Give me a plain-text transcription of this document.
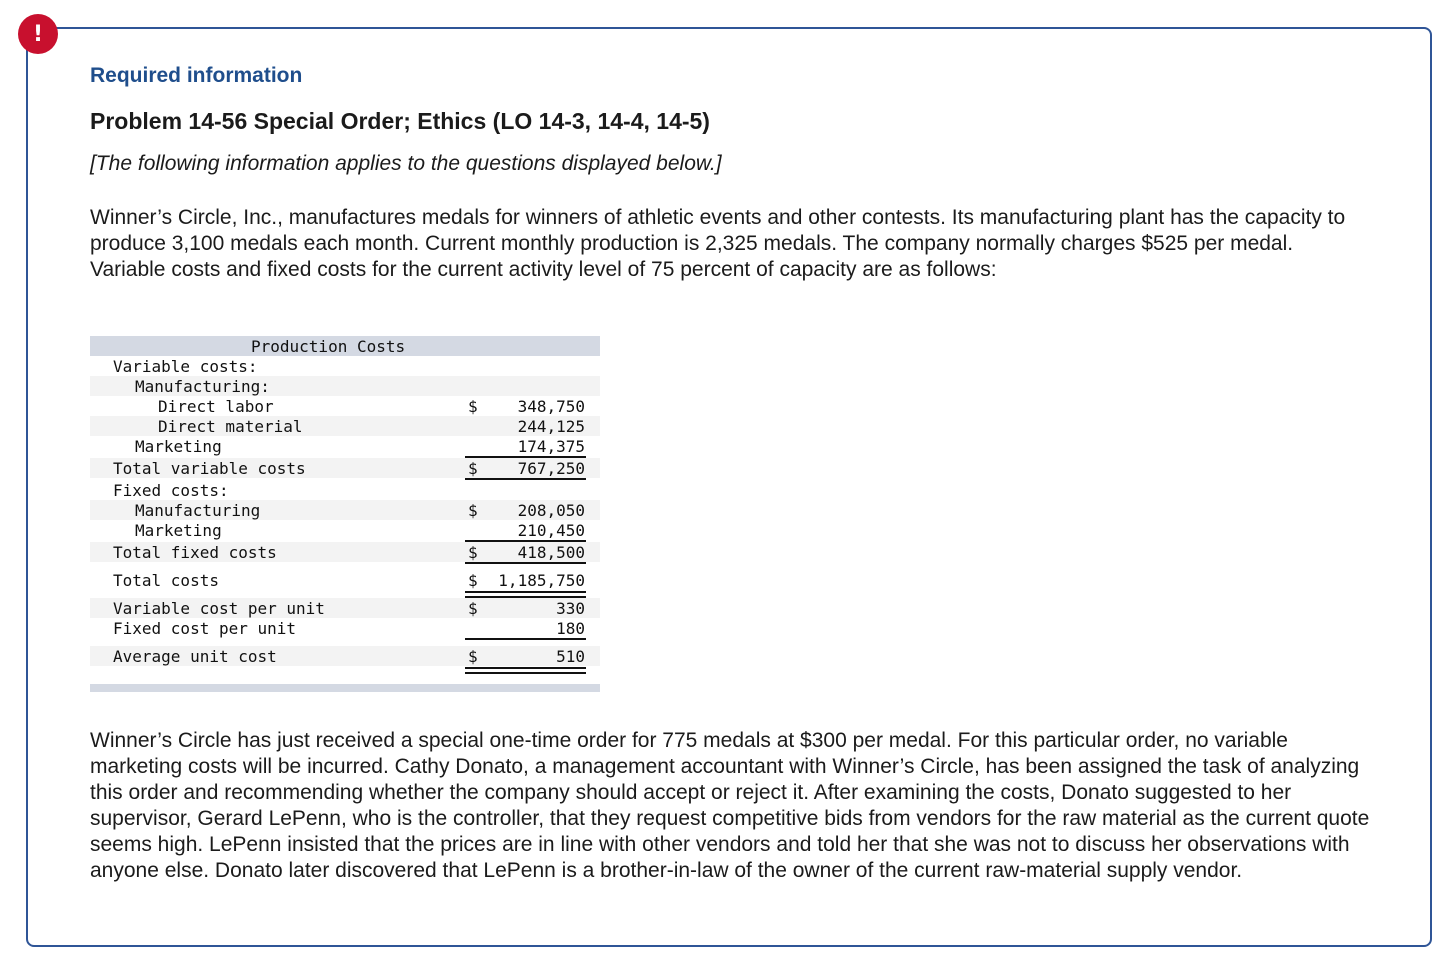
!
Required information
Problem 14-56 Special Order; Ethics (LO 14-3, 14-4, 14-5)

[The following information applies to the questions displayed below.]

Winner’s Circle, Inc., manufactures medals for winners of athletic events and other contests. Its manufacturing plant has the capacity to produce 3,100 medals each month. Current monthly production is 2,325 medals. The company normally charges $525 per medal. Variable costs and fixed costs for the current activity level of 75 percent of capacity are as follows:

Production Costs
Variable costs:
Manufacturing:
Direct labor	$ 348,750
Direct material	244,125
Marketing	174,375
Total variable costs	$ 767,250
Fixed costs:
Manufacturing	$ 208,050
Marketing	210,450
Total fixed costs	$ 418,500
Total costs	$ 1,185,750
Variable cost per unit	$	330
Fixed cost per unit	180
Average unit cost	$	510

Winner’s Circle has just received a special one-time order for 775 medals at $300 per medal. For this particular order, no variable marketing costs will be incurred. Cathy Donato, a management accountant with Winner’s Circle, has been assigned the task of analyzing this order and recommending whether the company should accept or reject it. After examining the costs, Donato suggested to her supervisor, Gerard LePenn, who is the controller, that they request competitive bids from vendors for the raw material as the current quote seems high. LePenn insisted that the prices are in line with other vendors and told her that she was not to discuss her observations with anyone else. Donato later discovered that LePenn is a brother-in-law of the owner of the current raw-material supply vendor.
